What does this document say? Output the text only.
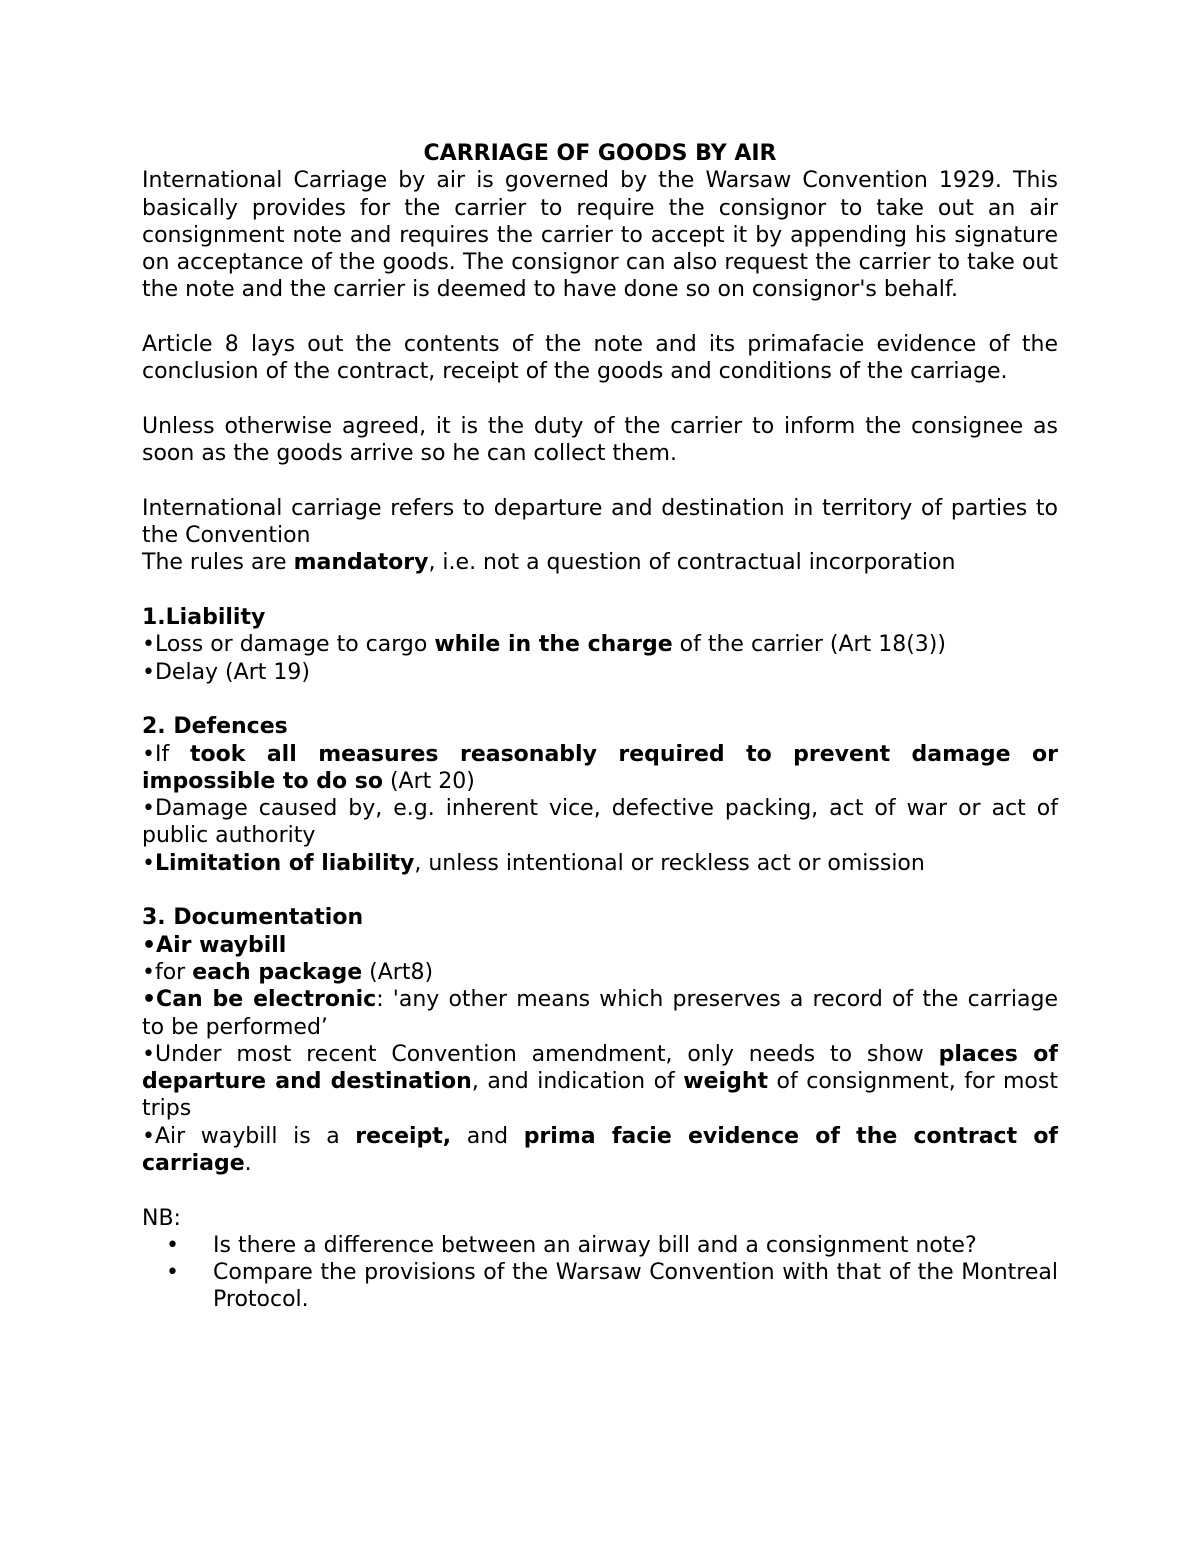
CARRIAGE OF GOODS BY AIR

International Carriage by air is governed by the Warsaw Convention 1929. This basically provides for the carrier to require the consignor to take out an air consignment note and requires the carrier to accept it by appending his signature on acceptance of the goods. The consignor can also request the carrier to take out the note and the carrier is deemed to have done so on consignor's behalf.

Article 8 lays out the contents of the note and its primafacie evidence of the conclusion of the contract, receipt of the goods and conditions of the carriage.

Unless otherwise agreed, it is the duty of the carrier to inform the consignee as soon as the goods arrive so he can collect them.

International carriage refers to departure and destination in territory of parties to the Convention

The rules are mandatory, i.e. not a question of contractual incorporation

1.Liability

•Loss or damage to cargo while in the charge of the carrier (Art 18(3))

•Delay (Art 19)

2. Defences

•If took all measures reasonably required to prevent damage or impossible to do so (Art 20)

•Damage caused by, e.g. inherent vice, defective packing, act of war or act of public authority

•Limitation of liability, unless intentional or reckless act or omission

3. Documentation

•Air waybill

•for each package (Art8)

•Can be electronic: 'any other means which preserves a record of the carriage to be performed’

•Under most recent Convention amendment, only needs to show places of departure and destination, and indication of weight of consignment, for most trips

•Air waybill is a receipt, and prima facie evidence of the contract of carriage.

NB:

• Is there a difference between an airway bill and a consignment note?
• Compare the provisions of the Warsaw Convention with that of the Montreal Protocol.
